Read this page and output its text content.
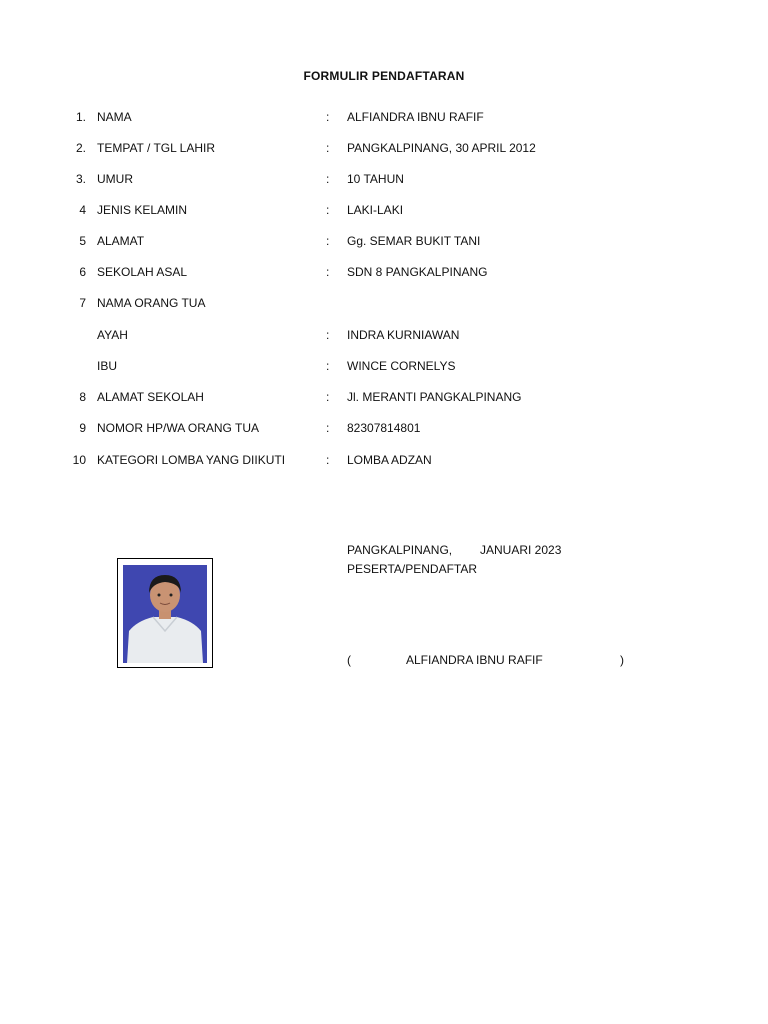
FORMULIR PENDAFTARAN
1. NAMA	: ALFIANDRA IBNU RAFIF
2. TEMPAT / TGL LAHIR	: PANGKALPINANG, 30 APRIL 2012
3. UMUR	: 10 TAHUN
4 JENIS KELAMIN	: LAKI-LAKI
5 ALAMAT	: Gg. SEMAR BUKIT TANI
6 SEKOLAH ASAL	: SDN 8 PANGKALPINANG
7 NAMA ORANG TUA
AYAH	: INDRA KURNIAWAN
IBU	: WINCE CORNELYS
8 ALAMAT SEKOLAH	: Jl. MERANTI PANGKALPINANG
9 NOMOR HP/WA ORANG TUA	: 82307814801
10 KATEGORI LOMBA YANG DIIKUTI	: LOMBA ADZAN
PANGKALPINANG, JANUARI 2023
PESERTA/PENDAFTAR
(	ALFIANDRA IBNU RAFIF	)
